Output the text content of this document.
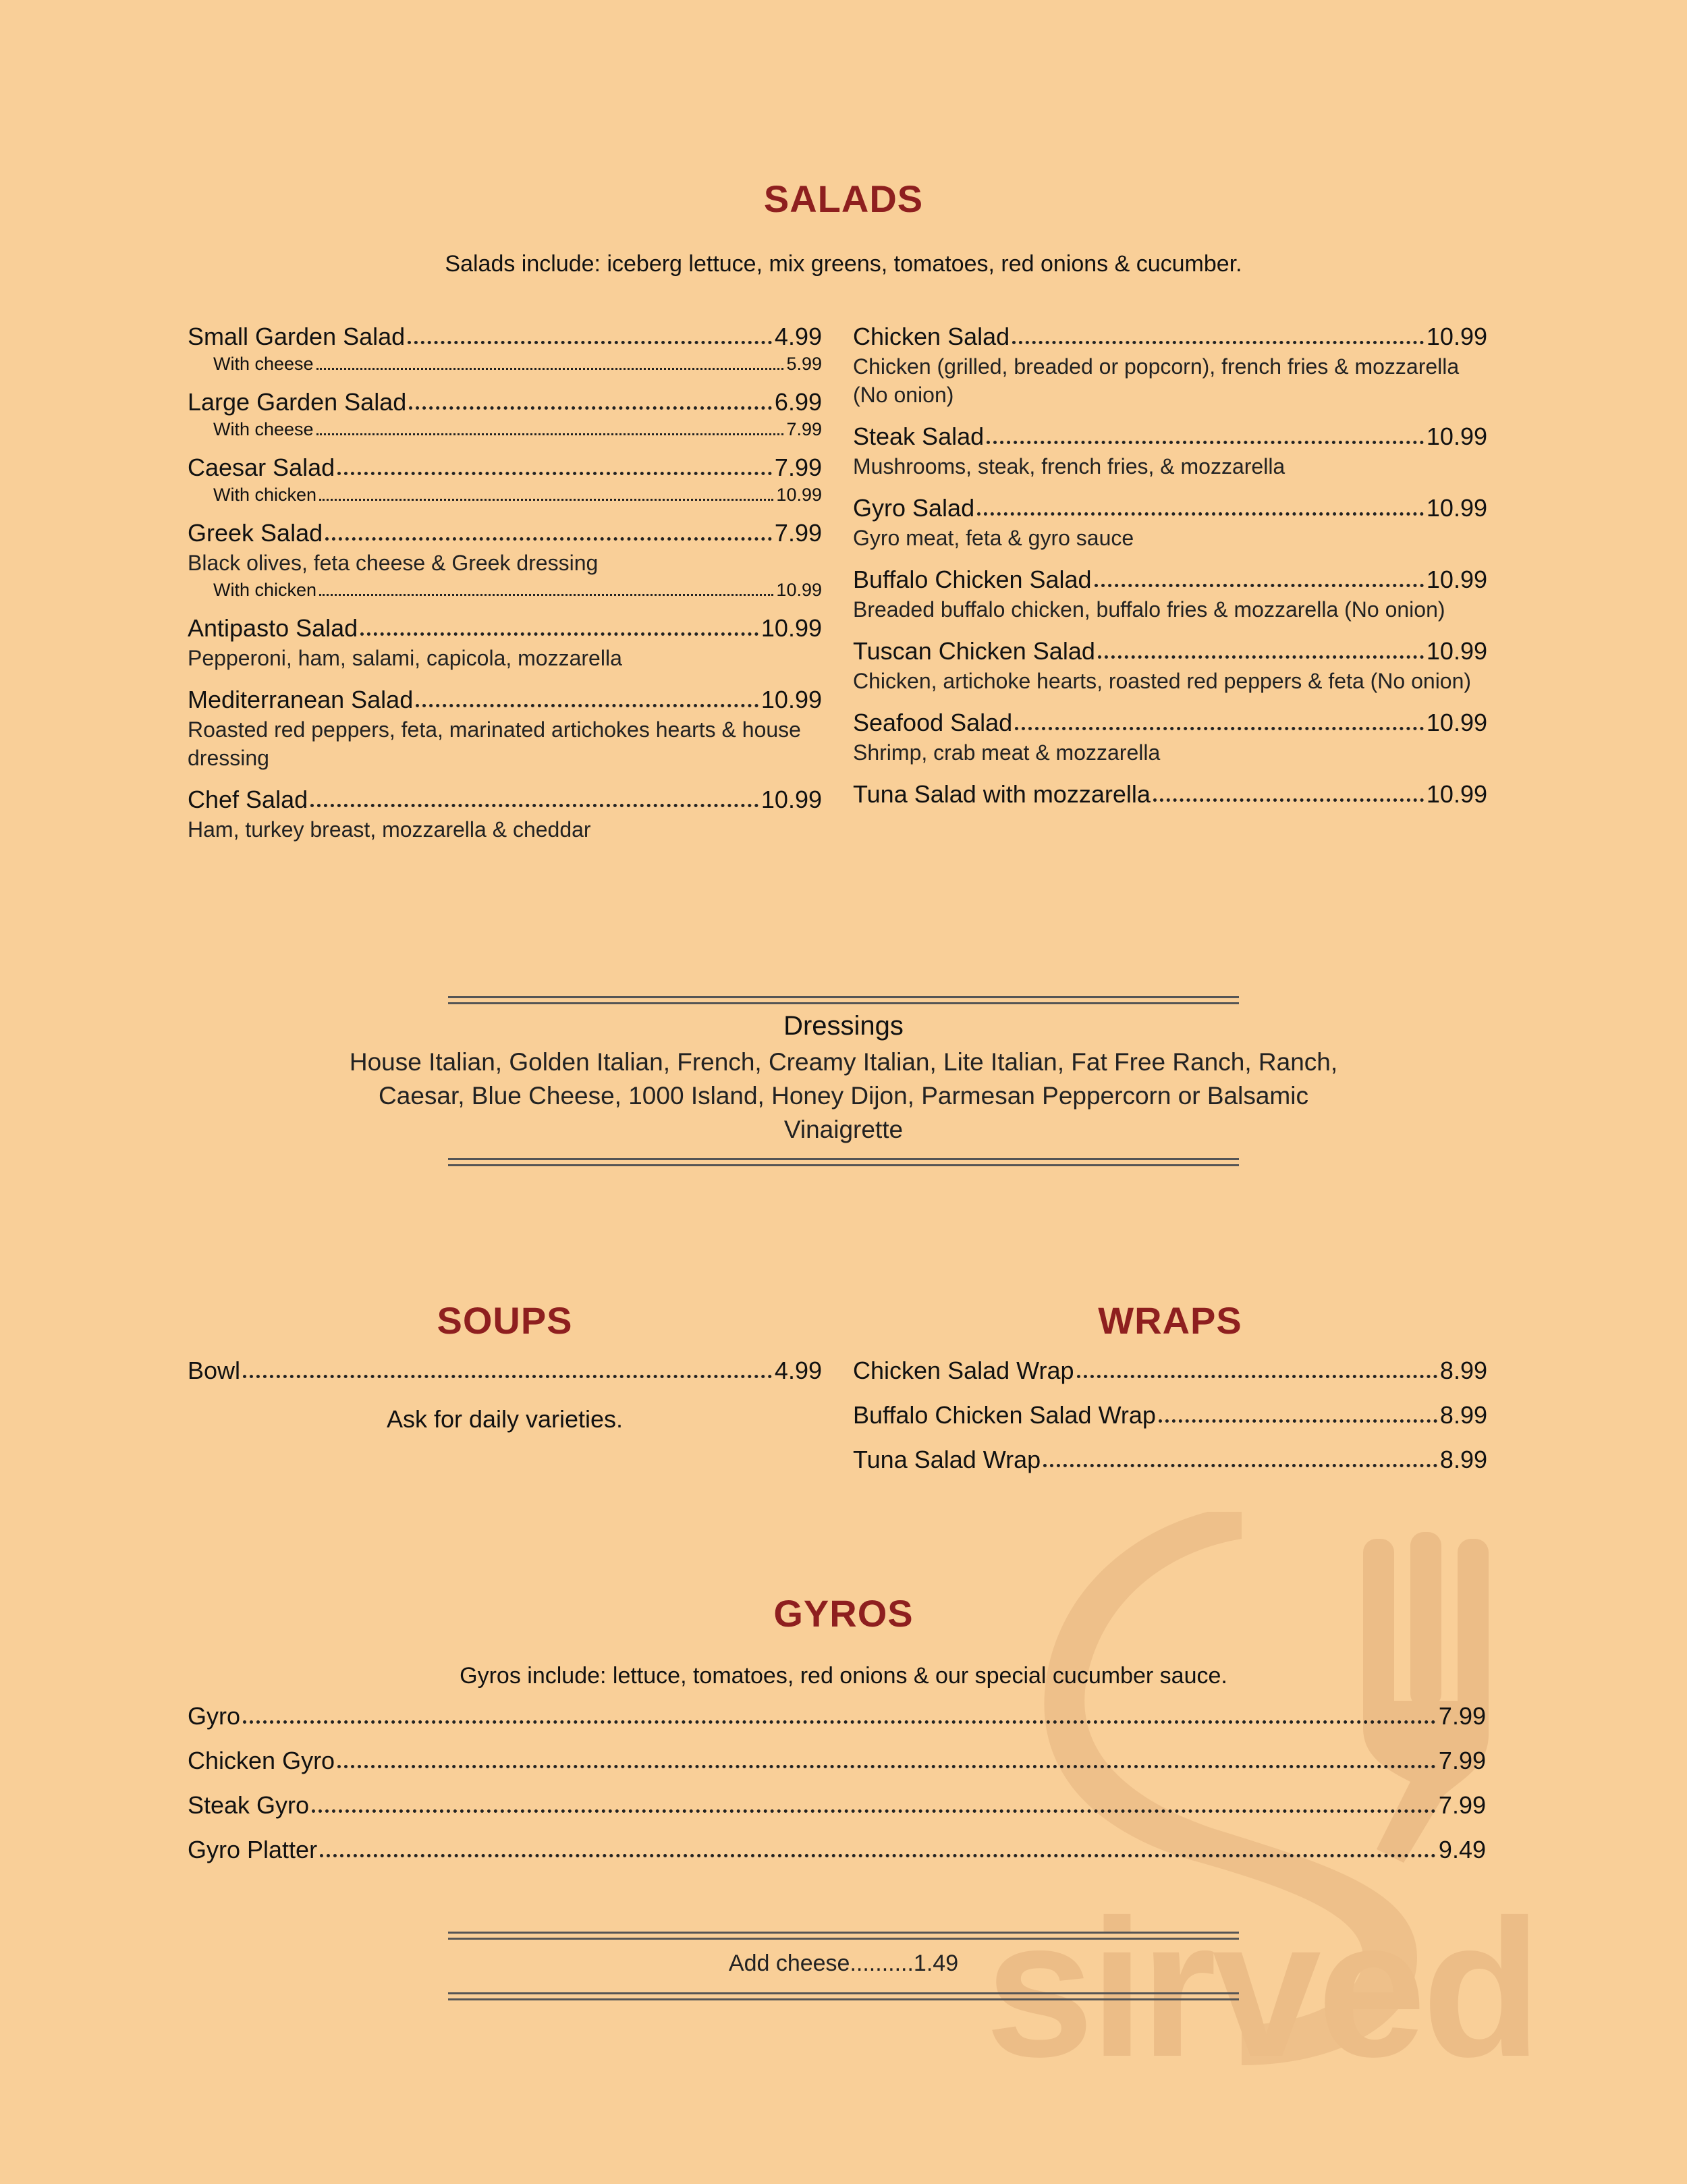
sirved
SALADS

Salads include: iceberg lettuce, mix greens, tomatoes, red onions & cucumber.

Small Garden Salad	4.99
With cheese	5.99
Large Garden Salad	6.99
With cheese	7.99
Caesar Salad	7.99
With chicken	10.99
Greek Salad	7.99
Black olives, feta cheese & Greek dressing
With chicken	10.99
Antipasto Salad	10.99
Pepperoni, ham, salami, capicola, mozzarella
Mediterranean Salad	10.99
Roasted red peppers, feta, marinated artichokes hearts & house dressing
Chef Salad	10.99
Ham, turkey breast, mozzarella & cheddar
Chicken Salad	10.99
Chicken (grilled, breaded or popcorn), french fries & mozzarella (No onion)
Steak Salad	10.99
Mushrooms, steak, french fries, & mozzarella
Gyro Salad	10.99
Gyro meat, feta & gyro sauce
Buffalo Chicken Salad	10.99
Breaded buffalo chicken, buffalo fries & mozzarella (No onion)
Tuscan Chicken Salad	10.99
Chicken, artichoke hearts, roasted red peppers & feta (No onion)
Seafood Salad	10.99
Shrimp, crab meat & mozzarella
Tuna Salad with mozzarella	10.99

Dressings

House Italian, Golden Italian, French, Creamy Italian, Lite Italian, Fat Free Ranch, Ranch, Caesar, Blue Cheese, 1000 Island, Honey Dijon, Parmesan Peppercorn or Balsamic Vinaigrette

SOUPS
Bowl	4.99
Ask for daily varieties.
WRAPS
Chicken Salad Wrap	8.99
Buffalo Chicken Salad Wrap	8.99
Tuna Salad Wrap	8.99
GYROS

Gyros include: lettuce, tomatoes, red onions & our special cucumber sauce.

Gyro	7.99
Chicken Gyro	7.99
Steak Gyro	7.99
Gyro Platter	9.49
Add cheese..........1.49
